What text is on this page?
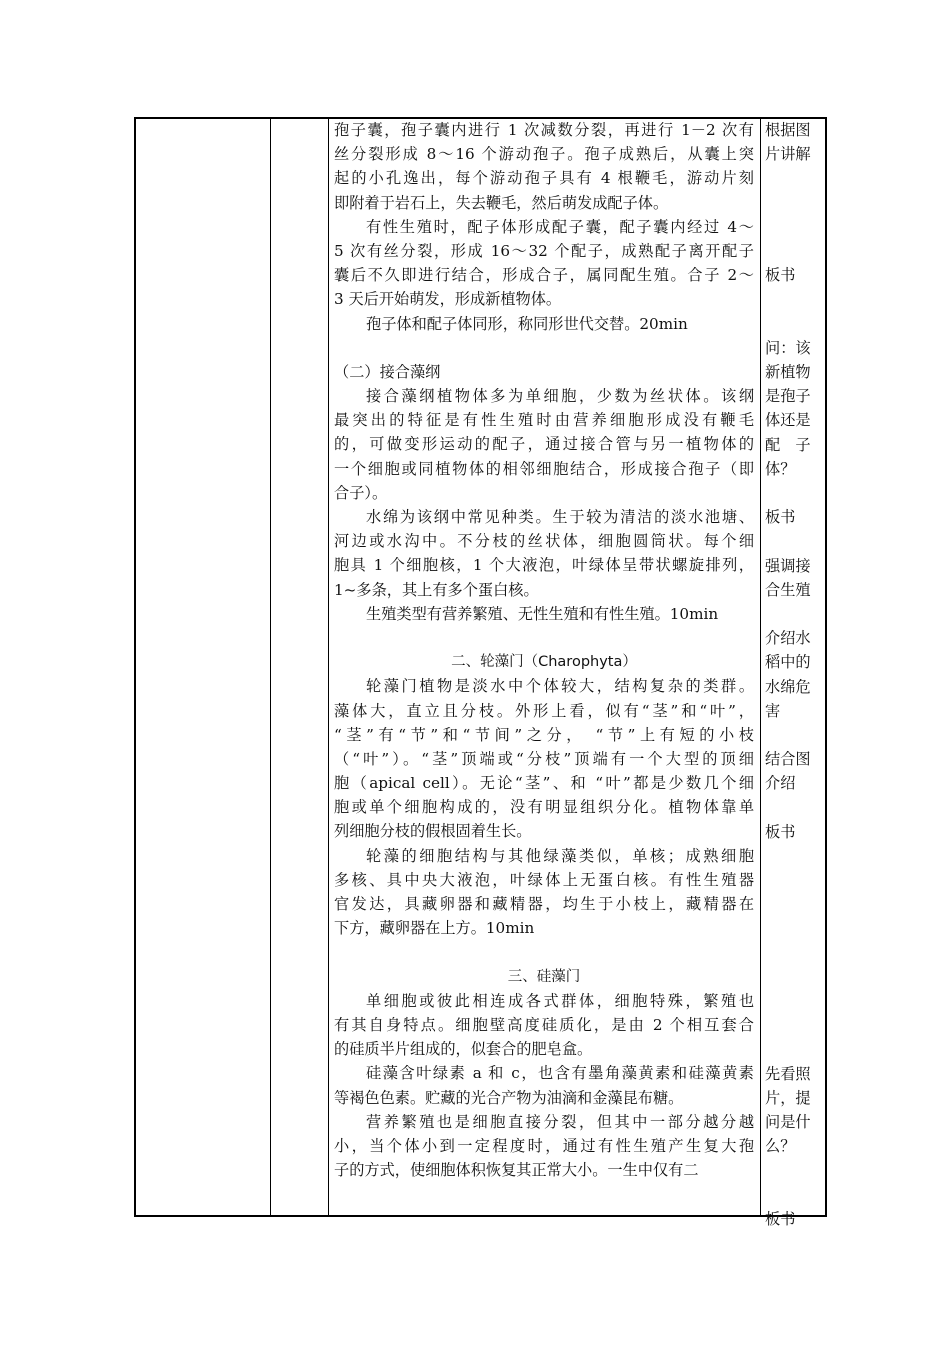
孢子囊，孢子囊内进行 1 次减数分裂，再进行 1－2 次有
丝分裂形成 8～16 个游动孢子。孢子成熟后，从囊上突
起的小孔逸出，每个游动孢子具有 4 根鞭毛，游动片刻
即附着于岩石上，失去鞭毛，然后萌发成配子体。
有性生殖时，配子体形成配子囊，配子囊内经过 4～
5 次有丝分裂，形成 16～32 个配子，成熟配子离开配子
囊后不久即进行结合，形成合子，属同配生殖。合子 2～
3 天后开始萌发，形成新植物体。
孢子体和配子体同形，称同形世代交替。20min
（二）接合藻纲
接合藻纲植物体多为单细胞，少数为丝状体。该纲
最突出的特征是有性生殖时由营养细胞形成没有鞭毛
的，可做变形运动的配子，通过接合管与另一植物体的
一个细胞或同植物体的相邻细胞结合，形成接合孢子（即
合子）。
水绵为该纲中常见种类。生于较为清洁的淡水池塘、
河边或水沟中。不分枝的丝状体，细胞圆筒状。每个细
胞具 1 个细胞核，1 个大液泡，叶绿体呈带状螺旋排列，
1~多条，其上有多个蛋白核。
生殖类型有营养繁殖、无性生殖和有性生殖。10min
二、轮藻门（Charophyta）
轮藻门植物是淡水中个体较大，结构复杂的类群。
藻体大，直立且分枝。外形上看，似有“茎”和“叶”，
“茎”有“节”和“节间”之分， “节”上有短的小枝
（“叶”）。“茎”顶端或“分枝”顶端有一个大型的顶细
胞（apical cell）。无论“茎”、和 “叶”都是少数几个细
胞或单个细胞构成的，没有明显组织分化。植物体靠单
列细胞分枝的假根固着生长。
轮藻的细胞结构与其他绿藻类似，单核；成熟细胞
多核、具中央大液泡，叶绿体上无蛋白核。有性生殖器
官发达，具藏卵器和藏精器，均生于小枝上，藏精器在
下方，藏卵器在上方。10min
三、硅藻门
单细胞或彼此相连成各式群体，细胞特殊，繁殖也
有其自身特点。细胞壁高度硅质化，是由 2 个相互套合
的硅质半片组成的，似套合的肥皂盒。
硅藻含叶绿素 a 和 c，也含有墨角藻黄素和硅藻黄素
等褐色色素。贮藏的光合产物为油滴和金藻昆布糖。
营养繁殖也是细胞直接分裂，但其中一部分越分越
小，当个体小到一定程度时，通过有性生殖产生复大孢
子的方式，使细胞体积恢复其正常大小。一生中仅有二
根据图
片讲解
板书
问：该
新植物
是孢子
体还是
配　子
体？
板书
强调接
合生殖
介绍水
稻中的
水绵危
害
结合图
介绍
板书
先看照
片，提
问是什
么？
板书
